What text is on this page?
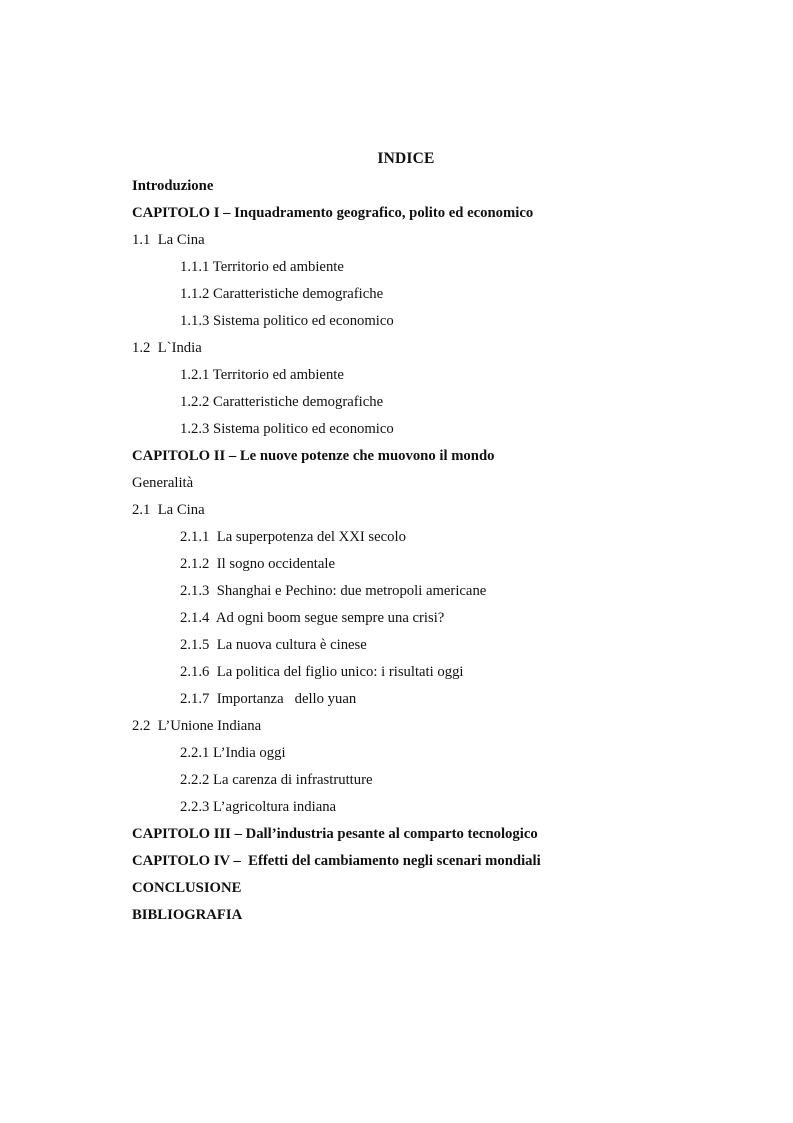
INDICE
Introduzione
CAPITOLO I – Inquadramento geografico, polito ed economico
1.1  La Cina
1.1.1 Territorio ed ambiente
1.1.2 Caratteristiche demografiche
1.1.3 Sistema politico ed economico
1.2  L`India
1.2.1 Territorio ed ambiente
1.2.2 Caratteristiche demografiche
1.2.3 Sistema politico ed economico
CAPITOLO II – Le nuove potenze che muovono il mondo
Generalità
2.1  La Cina
2.1.1  La superpotenza del XXI secolo
2.1.2  Il sogno occidentale
2.1.3  Shanghai e Pechino: due metropoli americane
2.1.4  Ad ogni boom segue sempre una crisi?
2.1.5  La nuova cultura è cinese
2.1.6  La politica del figlio unico: i risultati oggi
2.1.7  Importanza   dello yuan
2.2  L’Unione Indiana
2.2.1 L’India oggi
2.2.2 La carenza di infrastrutture
2.2.3 L’agricoltura indiana
CAPITOLO III – Dall’industria pesante al comparto tecnologico
CAPITOLO IV –  Effetti del cambiamento negli scenari mondiali
CONCLUSIONE
BIBLIOGRAFIA
